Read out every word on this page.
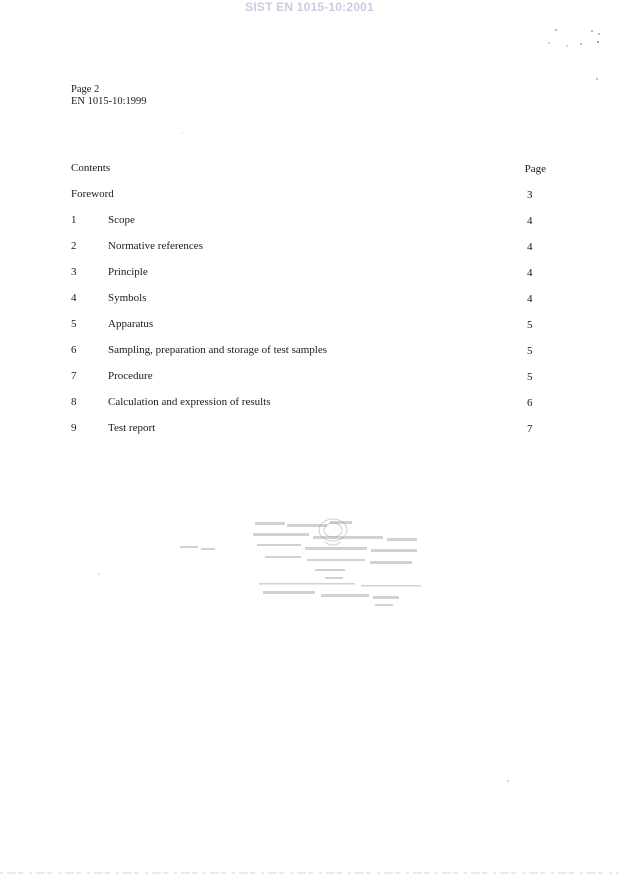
SIST EN 1015-10:2001
Page 2
EN 1015-10:1999
Contents	Page
Foreword	3
1	Scope	4
2	Normative references	4
3	Principle	4
4	Symbols	4
5	Apparatus	5
6	Sampling, preparation and storage of test samples	5
7	Procedure	5
8	Calculation and expression of results	6
9	Test report	7
